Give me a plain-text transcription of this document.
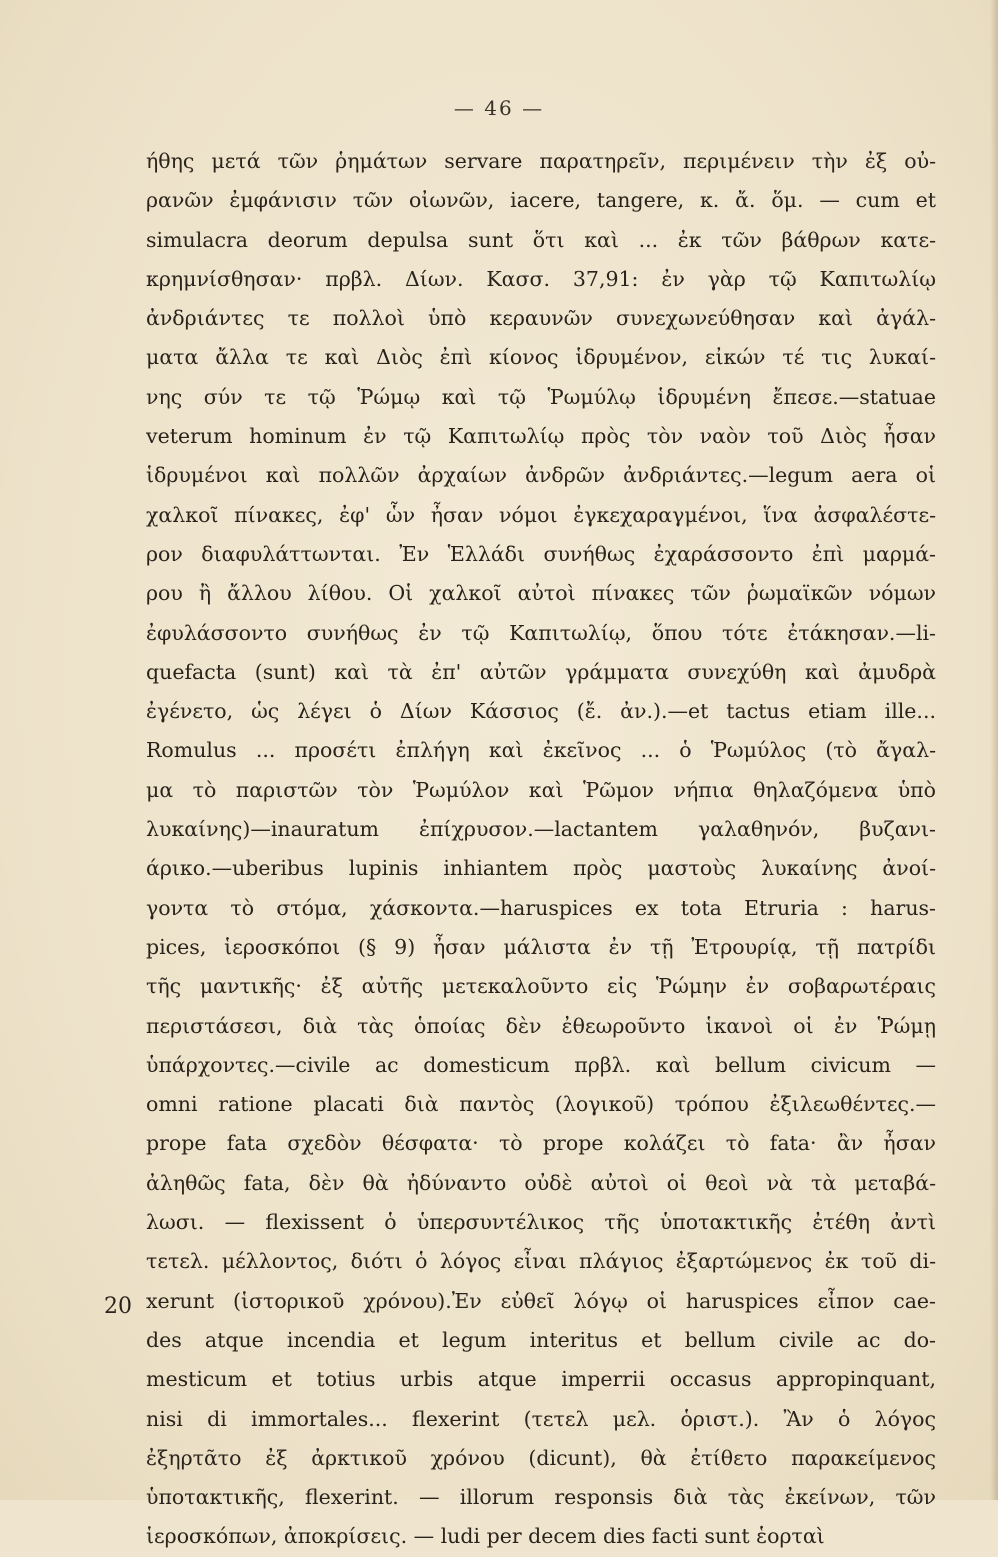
— 46 —
ήθης μετά τῶν ῥημάτων servare παρατηρεῖν, περιμένειν τὴν ἐξ οὐ-
ρανῶν ἐμφάνισιν τῶν οἰωνῶν, iacere, tangere, κ. ἄ. ὅμ. — cum et
simulacra deorum depulsa sunt ὅτι καὶ ... ἐκ τῶν βάθρων κατε-
κρημνίσθησαν· πρβλ. Δίων. Κασσ. 37,91: ἐν γὰρ τῷ Καπιτωλίῳ
ἀνδριάντες τε πολλοὶ ὑπὸ κεραυνῶν συνεχωνεύθησαν καὶ ἀγάλ-
ματα ἄλλα τε καὶ Διὸς ἐπὶ κίονος ἱδρυμένον, εἰκών τέ τις λυκαί-
νης σύν τε τῷ Ῥώμῳ καὶ τῷ Ῥωμύλῳ ἱδρυμένη ἔπεσε.—statuae
veterum hominum ἐν τῷ Καπιτωλίῳ πρὸς τὸν ναὸν τοῦ Διὸς ἦσαν
ἱδρυμένοι καὶ πολλῶν ἀρχαίων ἀνδρῶν ἀνδριάντες.—legum aera οἱ
χαλκοῖ πίνακες, ἐφ' ὧν ἦσαν νόμοι ἐγκεχαραγμένοι, ἵνα ἀσφαλέστε-
ρον διαφυλάττωνται. Ἐν Ἑλλάδι συνήθως ἐχαράσσοντο ἐπὶ μαρμά-
ρου ἢ ἄλλου λίθου. Οἱ χαλκοῖ αὐτοὶ πίνακες τῶν ῥωμαϊκῶν νόμων
ἐφυλάσσοντο συνήθως ἐν τῷ Καπιτωλίῳ, ὅπου τότε ἐτάκησαν.—li-
quefacta (sunt) καὶ τὰ ἐπ' αὐτῶν γράμματα συνεχύθη καὶ ἀμυδρὰ
ἐγένετο, ὡς λέγει ὁ Δίων Κάσσιος (ἔ. ἀν.).—et tactus etiam ille...
Romulus ... προσέτι ἐπλήγη καὶ ἐκεῖνος ... ὁ Ῥωμύλος (τὸ ἄγαλ-
μα τὸ παριστῶν τὸν Ῥωμύλον καὶ Ῥῶμον νήπια θηλαζόμενα ὑπὸ
λυκαίνης)—inauratum ἐπίχρυσον.—lactantem γαλαθηνόν, βυζανι-
άρικο.—uberibus lupinis inhiantem πρὸς μαστοὺς λυκαίνης ἀνοί-
γοντα τὸ στόμα, χάσκοντα.—haruspices ex tota Etruria : harus-
pices, ἱεροσκόποι (§ 9) ἦσαν μάλιστα ἐν τῇ Ἐτρουρίᾳ, τῇ πατρίδι
τῆς μαντικῆς· ἐξ αὐτῆς μετεκαλοῦντο εἰς Ῥώμην ἐν σοβαρωτέραις
περιστάσεσι, διὰ τὰς ὁποίας δὲν ἐθεωροῦντο ἱκανοὶ οἱ ἐν Ῥώμῃ
ὑπάρχοντες.—civile ac domesticum πρβλ. καὶ bellum civicum —
omni ratione placati διὰ παντὸς (λογικοῦ) τρόπου ἐξιλεωθέντες.—
prope fata σχεδὸν θέσφατα· τὸ prope κολάζει τὸ fata· ἂν ἦσαν
ἀληθῶς fata, δὲν θὰ ἠδύναντο οὐδὲ αὐτοὶ οἱ θεοὶ νὰ τὰ μεταβά-
λωσι. — flexissent ὁ ὑπερσυντέλικος τῆς ὑποτακτικῆς ἐτέθη ἀντὶ
τετελ. μέλλοντος, διότι ὁ λόγος εἶναι πλάγιος ἐξαρτώμενος ἐκ τοῦ di-
xerunt (ἱστορικοῦ χρόνου).Ἐν εὐθεῖ λόγῳ οἱ haruspices εἶπον cae-
des atque incendia et legum interitus et bellum civile ac do-
mesticum et totius urbis atque imperrii occasus appropinquant,
nisi di immortales... flexerint (τετελ μελ. ὁριστ.). Ἂν ὁ λόγος
ἐξηρτᾶτο ἐξ ἀρκτικοῦ χρόνου (dicunt), θὰ ἐτίθετο παρακείμενος
ὑποτακτικῆς, flexerint. — illorum responsis διὰ τὰς ἐκείνων, τῶν
ἱεροσκόπων, ἀποκρίσεις. — ludi per decem dies facti sunt ἑορταὶ
20
